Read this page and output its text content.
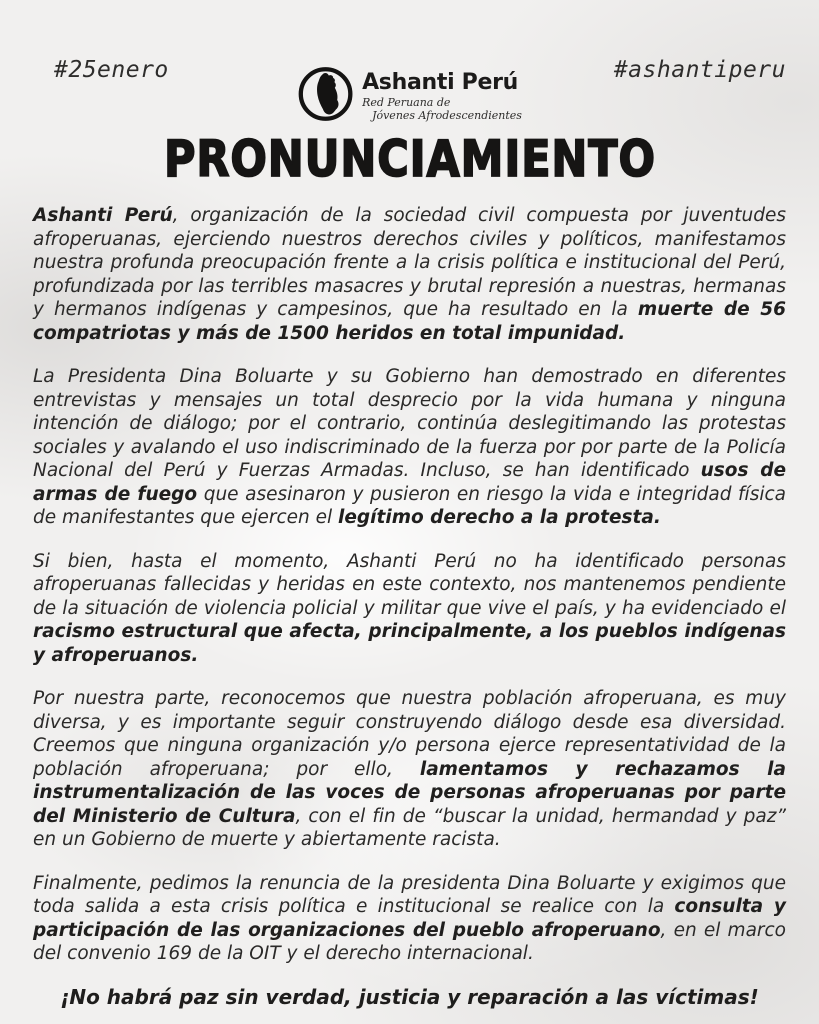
#25enero	#ashantiperu
Ashanti Perú
Red Peruana de
Jóvenes Afrodescendientes
PRONUNCIAMIENTO

Ashanti Perú, organización de la sociedad civil compuesta por juventudes afroperuanas, ejerciendo nuestros derechos civiles y políticos, manifestamos nuestra profunda preocupación frente a la crisis política e institucional del Perú, profundizada por las terribles masacres y brutal represión a nuestras, hermanas y hermanos indígenas y campesinos, que ha resultado en la muerte de 56 compatriotas y más de 1500 heridos en total impunidad.

La Presidenta Dina Boluarte y su Gobierno han demostrado en diferentes entrevistas y mensajes un total desprecio por la vida humana y ninguna intención de diálogo; por el contrario, continúa deslegitimando las protestas sociales y avalando el uso indiscriminado de la fuerza por por parte de la Policía Nacional del Perú y Fuerzas Armadas. Incluso, se han identificado usos de armas de fuego que asesinaron y pusieron en riesgo la vida e integridad física de manifestantes que ejercen el legítimo derecho a la protesta.

Si bien, hasta el momento, Ashanti Perú no ha identificado personas afroperuanas fallecidas y heridas en este contexto, nos mantenemos pendiente de la situación de violencia policial y militar que vive el país, y ha evidenciado el racismo estructural que afecta, principalmente, a los pueblos indígenas y afroperuanos.

Por nuestra parte, reconocemos que nuestra población afroperuana, es muy diversa, y es importante seguir construyendo diálogo desde esa diversidad. Creemos que ninguna organización y/o persona ejerce representatividad de la población afroperuana; por ello, lamentamos y rechazamos la instrumentalización de las voces de personas afroperuanas por parte del Ministerio de Cultura, con el fin de “buscar la unidad, hermandad y paz” en un Gobierno de muerte y abiertamente racista.

Finalmente, pedimos la renuncia de la presidenta Dina Boluarte y exigimos que toda salida a esta crisis política e institucional se realice con la consulta y participación de las organizaciones del pueblo afroperuano, en el marco del convenio 169 de la OIT y el derecho internacional.

¡No habrá paz sin verdad, justicia y reparación a las víctimas!
